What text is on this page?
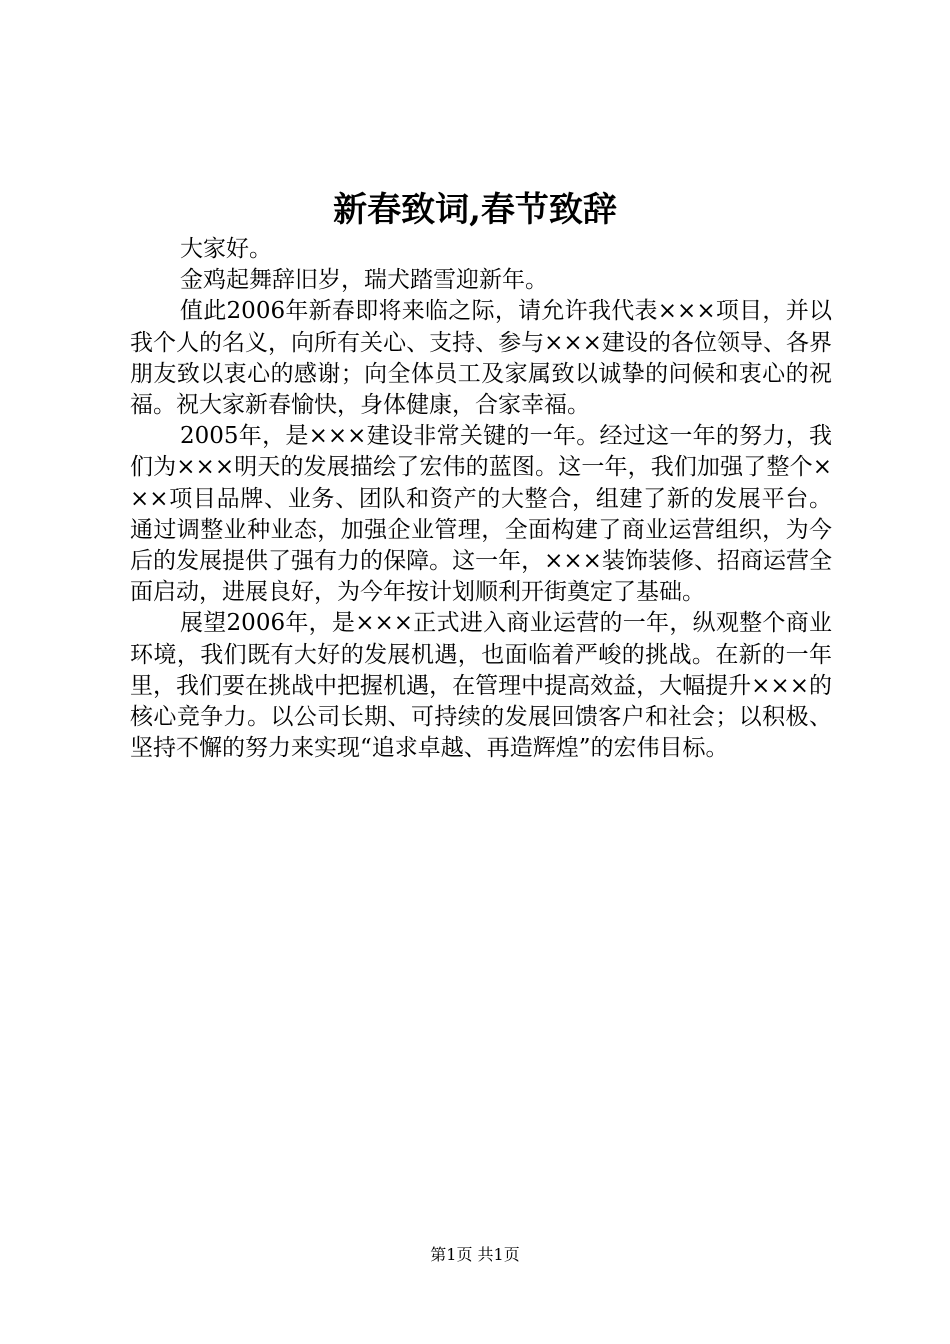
新春致词,春节致辞

大家好。

金鸡起舞辞旧岁，瑞犬踏雪迎新年。

值此2006年新春即将来临之际，请允许我代表×××项目，并以我个人的名义，向所有关心、支持、参与×××建设的各位领导、各界朋友致以衷心的感谢；向全体员工及家属致以诚挚的问候和衷心的祝福。祝大家新春愉快，身体健康，合家幸福。

2005年，是×××建设非常关键的一年。经过这一年的努力，我们为×××明天的发展描绘了宏伟的蓝图。这一年，我们加强了整个×××项目品牌、业务、团队和资产的大整合，组建了新的发展平台。通过调整业种业态，加强企业管理，全面构建了商业运营组织，为今后的发展提供了强有力的保障。这一年，×××装饰装修、招商运营全面启动，进展良好，为今年按计划顺利开街奠定了基础。

展望2006年，是×××正式进入商业运营的一年，纵观整个商业环境，我们既有大好的发展机遇，也面临着严峻的挑战。在新的一年里，我们要在挑战中把握机遇，在管理中提高效益，大幅提升×××的核心竞争力。以公司长期、可持续的发展回馈客户和社会；以积极、坚持不懈的努力来实现“追求卓越、再造辉煌”的宏伟目标。

第1页 共1页
